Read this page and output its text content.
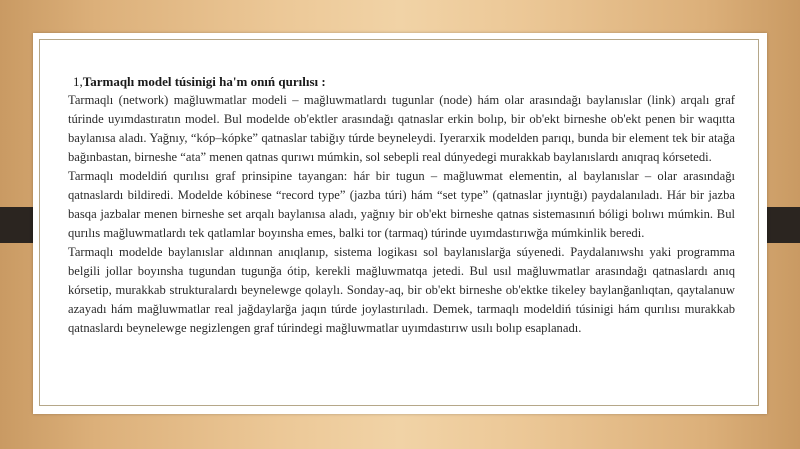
1,Tarmaqlı model túsinigi ha'm onıń qurılısı :

Tarmaqlı (network) mağluwmatlar modeli – mağluwmatlardı tugunlar (node) hám olar arasındağı baylanıslar (link) arqalı graf túrinde uyımdastıratın model. Bul modelde ob'ektler arasındağı qatnaslar erkin bolıp, bir ob'ekt birneshe ob'ekt penen bir waqıtta baylanısa aladı. Yağnıy, “kóp–kópke” qatnaslar tabiğıy túrde beyneleydi. Iyerarxik modelden parıqı, bunda bir element tek bir atağa bağınbastan, birneshe “ata” menen qatnas qurıwı múmkin, sol sebepli real dúnyedegi murakkab baylanıslardı anıqraq kórsetedi.

Tarmaqlı modeldiń qurılısı graf prinsipine tayangan: hár bir tugun – mağluwmat elementin, al baylanıslar – olar arasındağı qatnaslardı bildiredi. Modelde kóbinese “record type” (jazba túri) hám “set type” (qatnaslar jıyntığı) paydalanıladı. Hár bir jazba basqa jazbalar menen birneshe set arqalı baylanısa aladı, yağnıy bir ob'ekt birneshe qatnas sistemasınıń bóligi bolıwı múmkin. Bul qurılıs mağluwmatlardı tek qatlamlar boyınsha emes, balki tor (tarmaq) túrinde uyımdastırıwğa múmkinlik beredi.

Tarmaqlı modelde baylanıslar aldınnan anıqlanıp, sistema logikası sol baylanıslarğa súyenedi. Paydalanıwshı yaki programma belgili jollar boyınsha tugundan tugunğa ótip, kerekli mağluwmatqa jetedi. Bul usıl mağluwmatlar arasındağı qatnaslardı anıq kórsetip, murakkab strukturalardı beynelewge qolaylı. Sonday-aq, bir ob'ekt birneshe ob'ektke tikeley baylanğanlıqtan, qaytalanuw azayadı hám mağluwmatlar real jağdaylarğa jaqın túrde joylastırıladı. Demek, tarmaqlı modeldiń túsinigi hám qurılısı murakkab qatnaslardı beynelewge negizlengen graf túrindegi mağluwmatlar uyımdastırıw usılı bolıp esaplanadı.
